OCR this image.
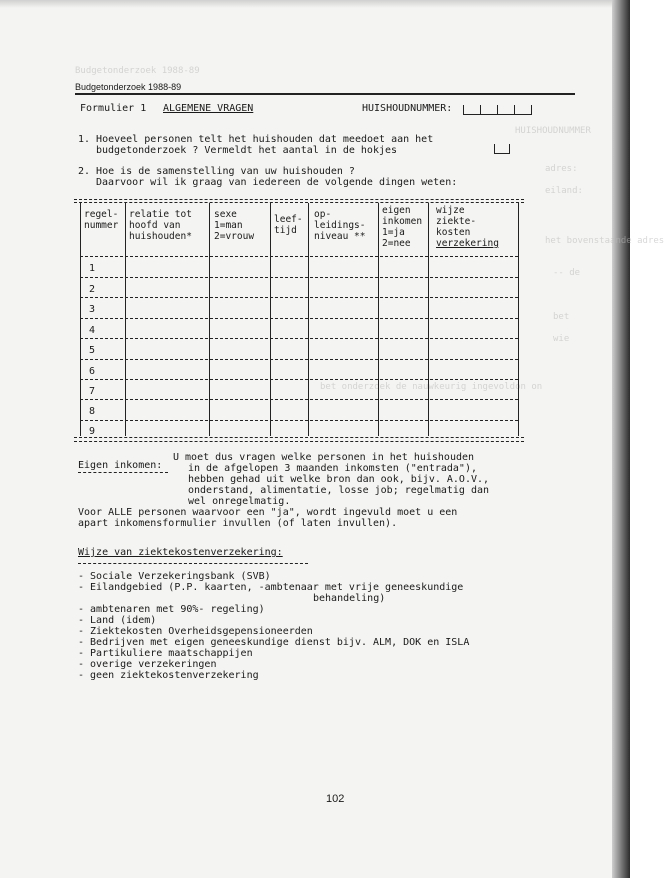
Budgetonderzoek 1988-89
HUISHOUDNUMMER
adres:
eiland:
het bovenstaande adres
-- de
bet
wie
bet onderzoek de nauwkeurig ingevoldon on
Budgetonderzoek 1988-89
Formulier 1 ALGEMENE VRAGEN	HUISHOUDNUMMER:
1. Hoeveel personen telt het huishouden dat meedoet aan het
budgetonderzoek ? Vermeldt het aantal in de hokjes
2. Hoe is de samenstelling van uw huishouden ?
Daarvoor wil ik graag van iedereen de volgende dingen weten:
regel-
nummer
relatie tot
hoofd van
huishouden*
sexe
1=man
2=vrouw
leef-
tijd
op-
leidings-
niveau **
eigen
inkomen
1=ja
2=nee
wijze
ziekte-
kosten
verzekering
1
2
3
4
5
6
7
8
9
Eigen inkomen:
U moet dus vragen welke personen in het huishouden
in de afgelopen 3 maanden inkomsten ("entrada"),
hebben gehad uit welke bron dan ook, bijv. A.O.V.,
onderstand, alimentatie, losse job; regelmatig dan
wel onregelmatig.
Voor ALLE personen waarvoor een "ja", wordt ingevuld moet u een
apart inkomensformulier invullen (of laten invullen).
Wijze van ziektekostenverzekering:
- Sociale Verzekeringsbank (SVB)
- Eilandgebied (P.P. kaarten, -ambtenaar met vrije geneeskundige
behandeling)
- ambtenaren met 90%- regeling)
- Land (idem)
- Ziektekosten Overheidsgepensioneerden
- Bedrijven met eigen geneeskundige dienst bijv. ALM, DOK en ISLA
- Partikuliere maatschappijen
- overige verzekeringen
- geen ziektekostenverzekering
102
